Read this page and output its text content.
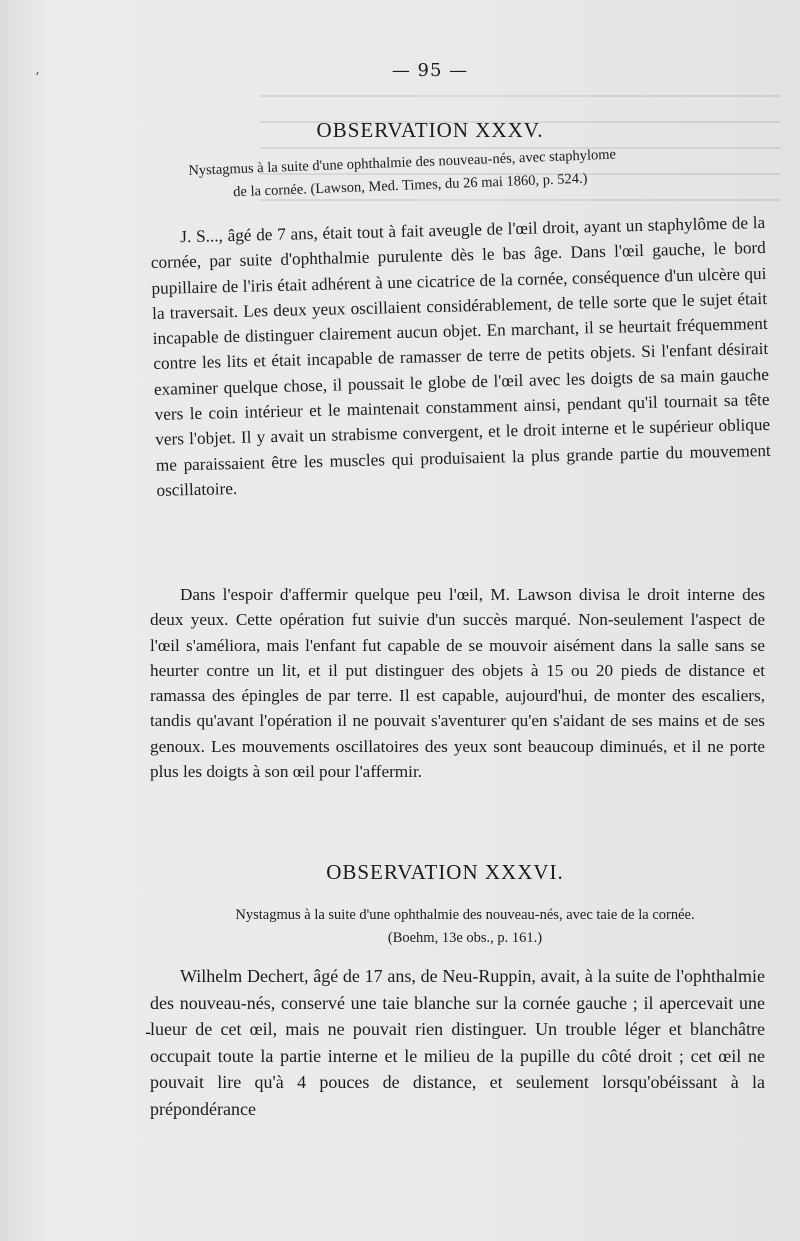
‘	— 95 —
OBSERVATION XXXV.
Nystagmus à la suite d'une ophthalmie des nouveau-nés, avec staphylome
de la cornée. (Lawson, Med. Times, du 26 mai 1860, p. 524.)

J. S..., âgé de 7 ans, était tout à fait aveugle de l'œil droit, ayant un staphylôme de la cornée, par suite d'ophthalmie purulente dès le bas âge. Dans l'œil gauche, le bord pupillaire de l'iris était adhérent à une cicatrice de la cornée, conséquence d'un ulcère qui la traversait. Les deux yeux oscillaient considérablement, de telle sorte que le sujet était incapable de distinguer clairement aucun objet. En marchant, il se heurtait fréquemment contre les lits et était incapable de ramasser de terre de petits objets. Si l'enfant désirait examiner quelque chose, il poussait le globe de l'œil avec les doigts de sa main gauche vers le coin intérieur et le maintenait constamment ainsi, pendant qu'il tournait sa tête vers l'objet. Il y avait un strabisme convergent, et le droit interne et le supérieur oblique me paraissaient être les muscles qui produisaient la plus grande partie du mouvement oscillatoire.

Dans l'espoir d'affermir quelque peu l'œil, M. Lawson divisa le droit interne des deux yeux. Cette opération fut suivie d'un succès marqué. Non-seulement l'aspect de l'œil s'améliora, mais l'enfant fut capable de se mouvoir aisément dans la salle sans se heurter contre un lit, et il put distinguer des objets à 15 ou 20 pieds de distance et ramassa des épingles de par terre. Il est capable, aujourd'hui, de monter des escaliers, tandis qu'avant l'opération il ne pouvait s'aventurer qu'en s'aidant de ses mains et de ses genoux. Les mouvements oscillatoires des yeux sont beaucoup diminués, et il ne porte plus les doigts à son œil pour l'affermir.

OBSERVATION XXXVI.
Nystagmus à la suite d'une ophthalmie des nouveau-nés, avec taie de la cornée.
(Boehm, 13e obs., p. 161.)
-

Wilhelm Dechert, âgé de 17 ans, de Neu-Ruppin, avait, à la suite de l'ophthalmie des nouveau-nés, conservé une taie blanche sur la cornée gauche ; il apercevait une lueur de cet œil, mais ne pouvait rien distinguer. Un trouble léger et blanchâtre occupait toute la partie interne et le milieu de la pupille du côté droit ; cet œil ne pouvait lire qu'à 4 pouces de distance, et seulement lorsqu'obéissant à la prépondérance
